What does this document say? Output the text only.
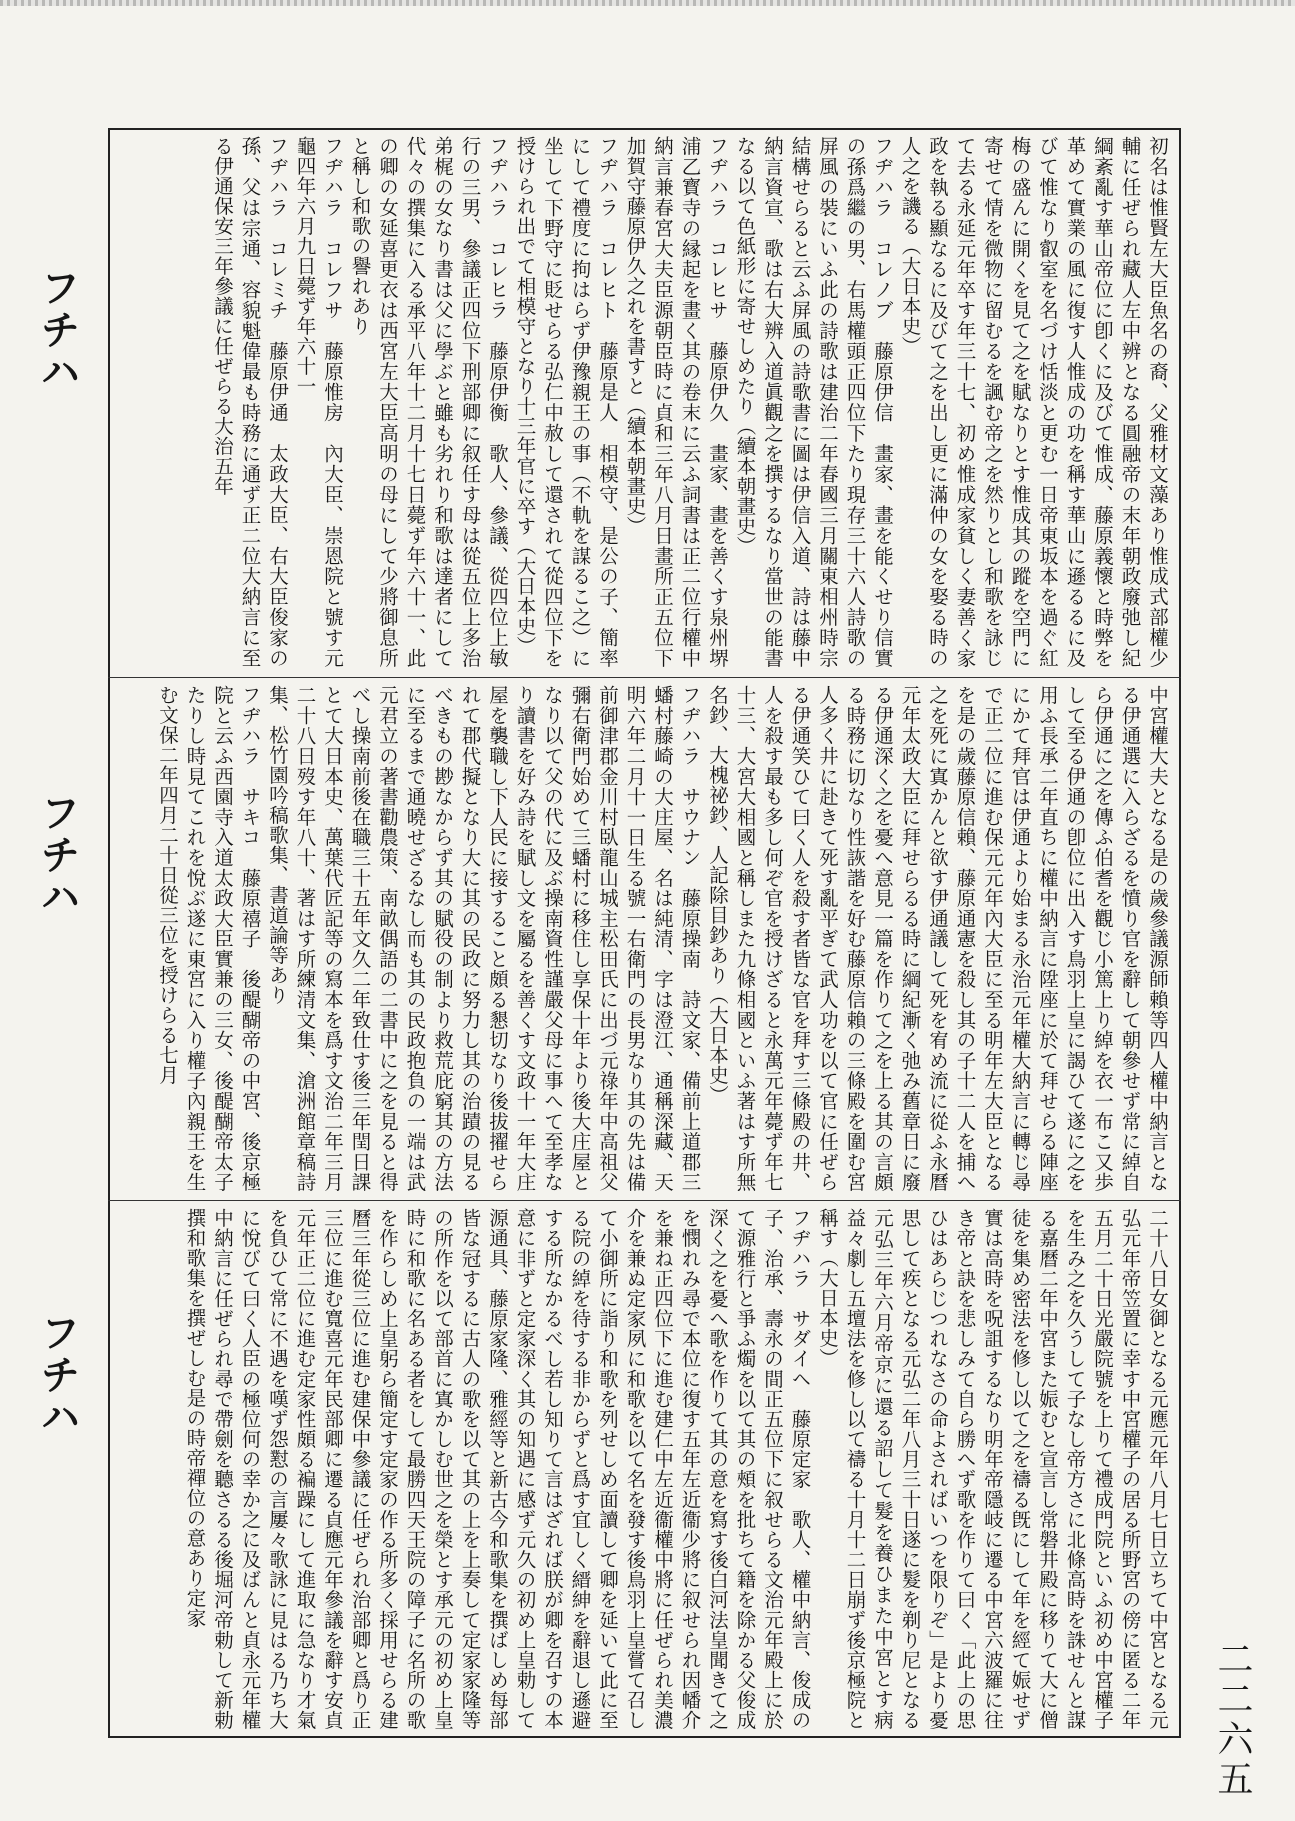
フチハ
フチハ
フチハ

初名は惟賢左大臣魚名の裔、父雅材文藻あり惟成式部權少輔に任ぜられ藏人左中辨となる圓融帝の末年朝政廢弛し紀綱紊亂す華山帝位に卽くに及びて惟成、藤原義懷と時弊を革めて實業の風に復す人惟成の功を稱す華山に遜るるに及びて惟なり叡室を名づけ恬淡と更む一日帝東坂本を過ぐ紅梅の盛んに開くを見て之を賦なりとす惟成其の蹤を空門に寄せて情を微物に留むるを諷む帝之を然りとし和歌を詠じて去る永延元年卒す年三十七、初め惟成家貧しく妻善く家政を執る顯なるに及びて之を出し更に滿仲の女を娶る時の人之を譏る（大日本史）

フヂハラ　コレノブ　藤原伊信　畫家、畫を能くせり信實の孫爲繼の男、右馬權頭正四位下たり現存三十六人詩歌の屏風の裝にいふ此の詩歌は建治二年春國三月關東相州時宗結構せらると云ふ屏風の詩歌書に圖は伊信入道、詩は藤中納言資宣、歌は右大辨入道眞觀之を撰するなり當世の能書なる以て色紙形に寄せしめたり（續本朝畫史）

フヂハラ　コレヒサ　藤原伊久　畫家、畫を善くす泉州堺浦乙寳寺の縁起を畫く其の卷末に云ふ詞書は正二位行權中納言兼春宮大夫臣源朝臣時に貞和三年八月日畫所正五位下加賀守藤原伊久之れを書すと（續本朝畫史）

フヂハラ　コレヒト　藤原是人　相模守、是公の子、簡率にして禮度に拘はらず伊豫親王の事（不軌を謀るこ之）に坐して下野守に貶せらる弘仁中赦して還されて從四位下を授けられ出でて相模守となり十三年官に卒す（大日本史）

フヂハラ　コレヒラ　藤原伊衡　歌人、參議、從四位上敏行の三男、參議正四位下刑部卿に叙任す母は從五位上多治弟梶の女なり書は父に學ぶと雖も劣れり和歌は達者にして代々の撰集に入る承平八年十二月十七日薨ず年六十一、此の卿の女延喜更衣は西宮左大臣高明の母にして少將御息所と稱し和歌の譽れあり

フヂハラ　コレフサ　藤原惟房　內大臣、崇恩院と號す元龜四年六月九日薨ず年六十一

フヂハラ　コレミチ　藤原伊通　太政大臣、右大臣俊家の孫、父は宗通、容貌魁偉最も時務に通ず正二位大納言に至る伊通保安三年參議に任ぜらる大治五年

中宮權大夫となる是の歲參議源師賴等四人權中納言となる伊通選に入らざるを憤り官を辭して朝參せず常に綽自ら伊通に之を傳ふ伯耆を觀じ小篤上り綽を衣一布こ又歩して至る伊通の卽位に出入す鳥羽上皇に謁ひて遂に之を用ふ長承二年直ちに權中納言に陞座に於て拜せらる陣座にかて拜官は伊通より始まる永治元年權大納言に轉じ尋で正二位に進む保元元年內大臣に至る明年左大臣となるを是の歲藤原信賴、藤原通憲を殺し其の子十二人を捕へ之を死に寘かんと欲す伊通議して死を宥め流に從ふ永曆元年太政大臣に拜せらるる時に綱紀漸く弛み舊章日に廢る伊通深く之を憂へ意見一篇を作りて之を上る其の言頗る時務に切なり性詼諧を好む藤原信賴の三條殿を圍む宮人多く井に赴きて死す亂平ぎて武人功を以て官に任ぜらる伊通笑ひて曰く人を殺す者皆な官を拜す三條殿の井、人を殺す最も多し何ぞ官を授けざると永萬元年薨ず年七十三、大宮大相國と稱しまた九條相國といふ著はす所無名鈔、大槐祕鈔、人記除目鈔あり（大日本史）

フヂハラ　サウナン　藤原操南　詩文家、備前上道郡三蟠村藤崎の大庄屋、名は純清、字は澄江、通稱深藏、天明六年二月十一日生る號一右衛門の長男なり其の先は備前御津郡金川村臥龍山城主松田氏に出づ元祿年中高祖父彌右衛門始めて三蟠村に移住し享保十年より後大庄屋となり以て父の代に及ぶ操南資性謹嚴父母に事へて至孝なり讀書を好み詩を賦し文を屬るを善くす文政十一年大庄屋を襲職し下人民に接すること頗る懇切なり後拔擢せられて郡代擬となり大に其の民政に努力し其の治蹟の見るべきもの尠なからず其の賦役の制より救荒庇窮其の方法に至るまで通曉せざるなし而も其の民政抱負の一端は武元君立の著書勸農策、南畝偶語の二書中に之を見ると得べし操南前後在職三十五年文久二年致仕す後三年閏日課とて大日本史、萬葉代匠記等の寫本を爲す文治二年三月二十八日歿す年八十、著はす所練清文集、滄洲館章稿詩集、松竹園吟稿歌集、書道論等あり

フヂハラ　サキコ　藤原禧子　後醍醐帝の中宮、後京極院と云ふ西園寺入道太政大臣實兼の三女、後醍醐帝太子たりし時見てこれを悅ぶ遂に東宮に入り權子內親王を生む文保二年四月二十日從三位を授けらる七月

二十八日女御となる元應元年八月七日立ちて中宮となる元弘元年帝笠置に幸す中宮權子の居る所野宮の傍に匿る二年五月二十日光嚴院號を上りて禮成門院といふ初め中宮權子を生み之を久うして子なし帝方さに北條高時を誅せんと謀る嘉曆二年中宮また娠むと宣言し常磐井殿に移りて大に僧徒を集め密法を修し以て之を禱る旣にして年を經て娠せず實は高時を呪詛するなり明年帝隱岐に遷る中宮六波羅に往き帝と訣を悲しみて自ら勝へず歌を作りて曰く「此上の思ひはあらじつれなさの命よさればいつを限りぞ」是より憂思して疾となる元弘二年八月三十日遂に髮を剃り尼となる元弘三年六月帝京に還る詔して髮を養ひまた中宮とす病益々劇し五壇法を修し以て禱る十月十二日崩ず後京極院と稱す（大日本史）

フヂハラ　サダイヘ　藤原定家　歌人、權中納言、俊成の子、治承、壽永の間正五位下に叙せらる文治元年殿上に於て源雅行と爭ふ燭を以て其の頰を批ちて籍を除かる父俊成深く之を憂へ歌を作りて其の意を寫す後白河法皇聞きて之を憫れみ尋で本位に復す五年左近衞少將に叙せられ因幡介を兼ね正四位下に進む建仁中左近衞權中將に任ぜられ美濃介を兼ぬ定家夙に和歌を以て名を發す後鳥羽上皇嘗て召して小御所に詣り和歌を列せしめ面讀して卿を延いて此に至る院の綽を待する非からずと爲す宜しく縉紳を辭退し遜避する所なかるべし若し知りて言はざれば朕が卿を召すの本意に非ずと定家深く其の知遇に感ず元久の初め上皇勅して源通具、藤原家隆、雅經等と新古今和歌集を撰ばしめ每部皆な冠するに古人の歌を以て其の上を上奏して定家家隆等の所作を以て部首に寘かしむ世之を榮とす承元の初め上皇時に和歌に名ある者をして最勝四天王院の障子に名所の歌を作らしめ上皇躬ら簡定す定家の作る所多く採用せらる建曆三年從三位に進む建保中參議に任ぜられ治部卿と爲り正三位に進む寬喜元年民部卿に遷る貞應元年參議を辭す安貞元年正二位に進む定家性頗る褊躁にして進取に急なり才氣を負ひて常に不遇を嘆ず怨懟の言屢々歌詠に見はる乃ち大に悅びて曰く人臣の極位何の幸か之に及ばんと貞永元年權中納言に任ぜられ尋で帶劍を聽さるる後堀河帝勅して新勅撰和歌集を撰ぜしむ是の時帝禪位の意あり定家

二二六五
